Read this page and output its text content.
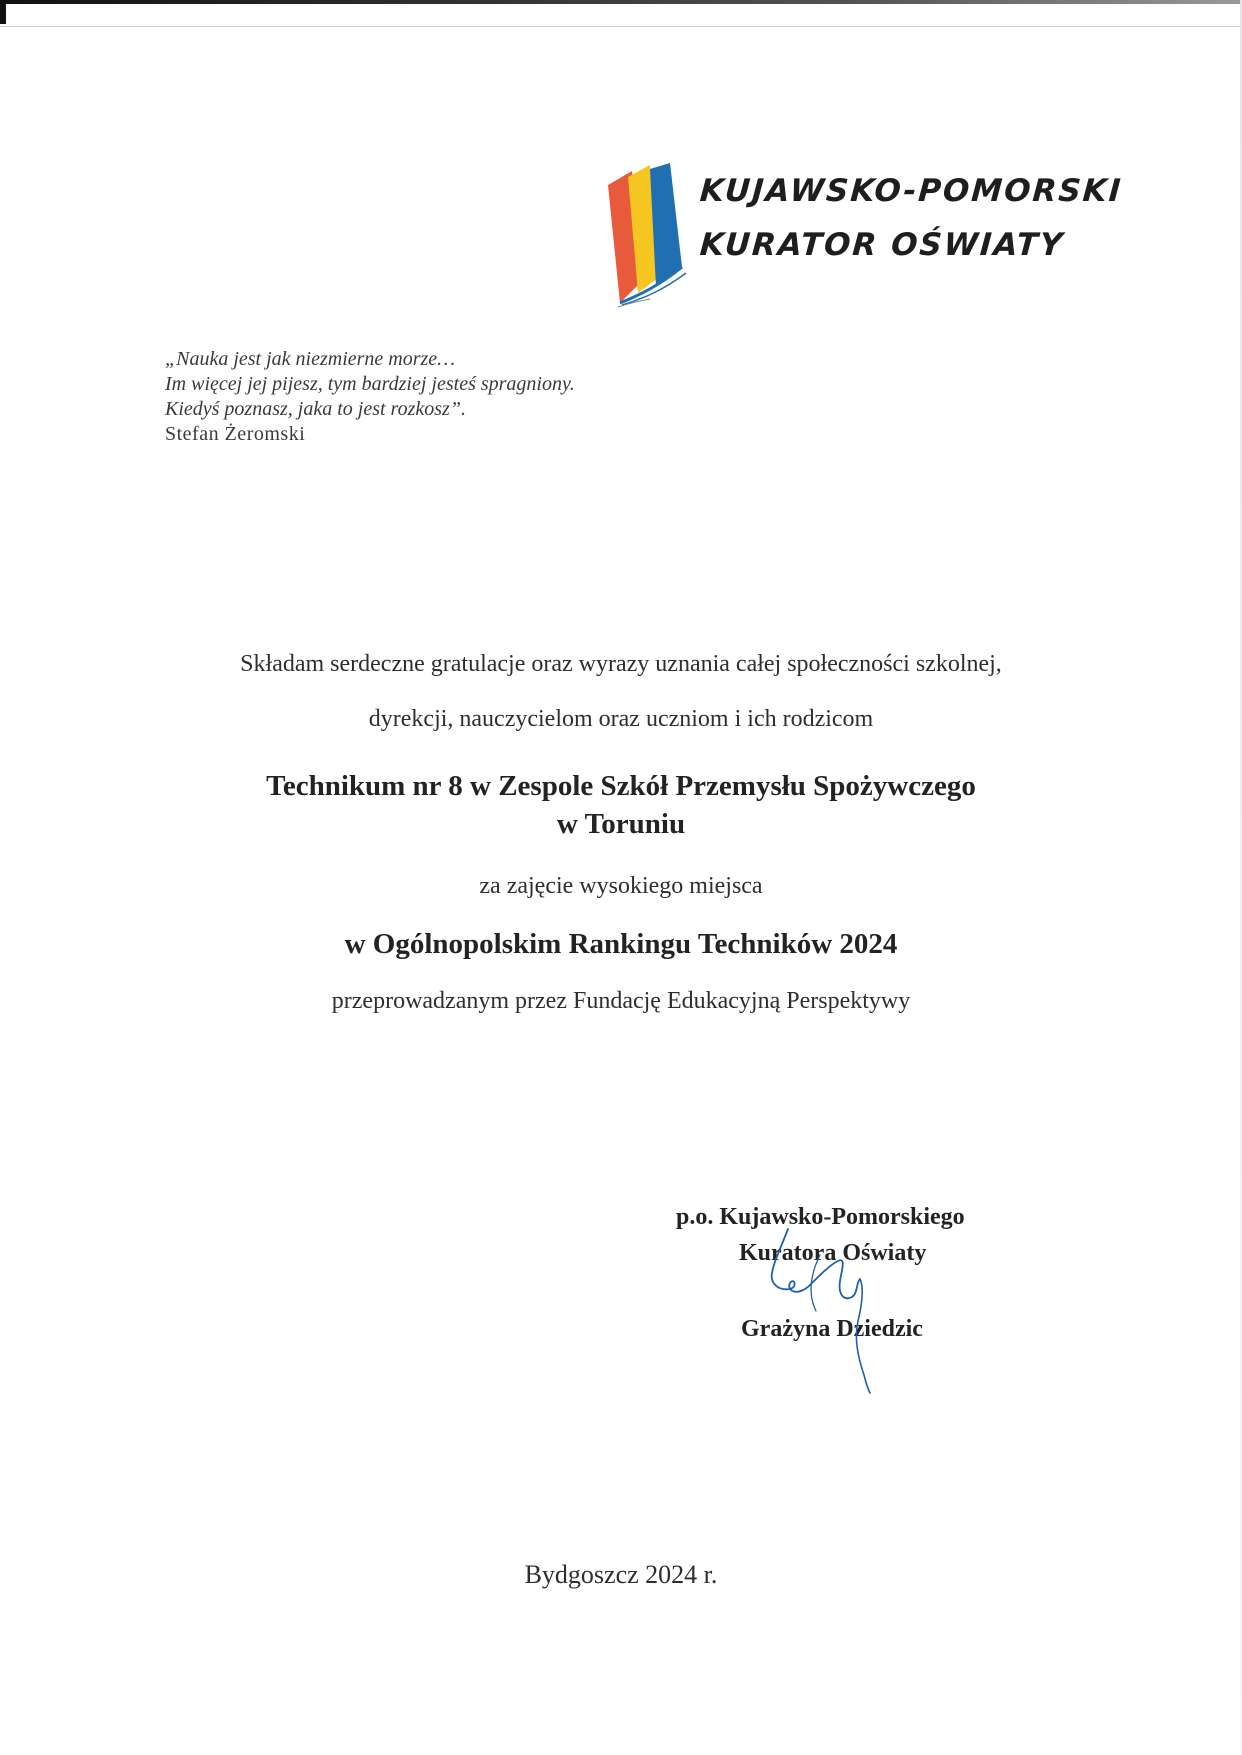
KUJAWSKO-POMORSKI
KURATOR OŚWIATY
„Nauka jest jak niezmierne morze…
Im więcej jej pijesz, tym bardziej jesteś spragniony.
Kiedyś poznasz, jaka to jest rozkosz”.
Stefan Żeromski
Składam serdeczne gratulacje oraz wyrazy uznania całej społeczności szkolnej,
dyrekcji, nauczycielom oraz uczniom i ich rodzicom
Technikum nr 8 w Zespole Szkół Przemysłu Spożywczego
w Toruniu
za zajęcie wysokiego miejsca
w Ogólnopolskim Rankingu Techników 2024
przeprowadzanym przez Fundację Edukacyjną Perspektywy
p.o. Kujawsko-Pomorskiego
Kuratora Oświaty
Grażyna Dziedzic
Bydgoszcz 2024 r.
